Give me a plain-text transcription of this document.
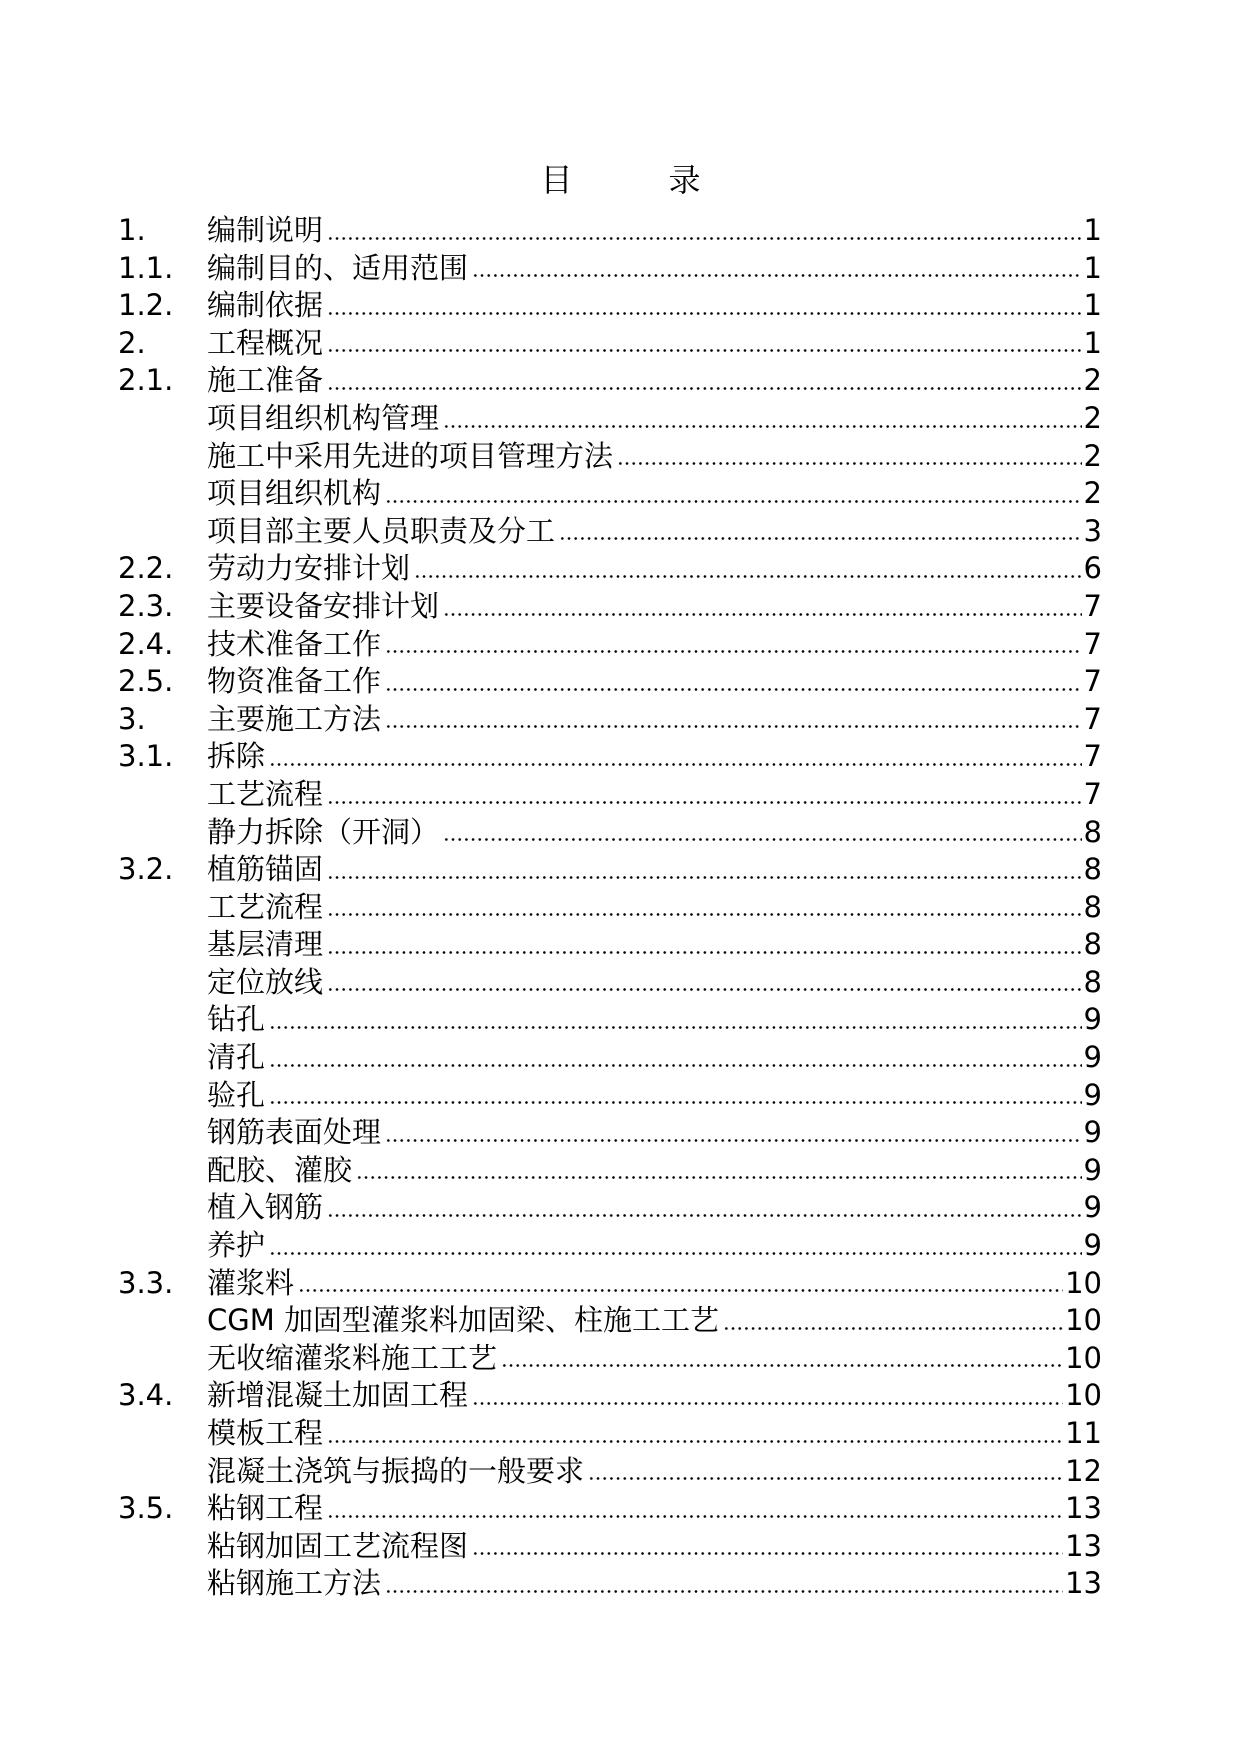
目	录
1.	编制说明	1
1.1.	编制目的、适用范围	1
1.2.	编制依据	1
2.	工程概况	1
2.1.	施工准备	2
项目组织机构管理	2
施工中采用先进的项目管理方法	2
项目组织机构	2
项目部主要人员职责及分工	3
2.2.	劳动力安排计划	6
2.3.	主要设备安排计划	7
2.4.	技术准备工作	7
2.5.	物资准备工作	7
3.	主要施工方法	7
3.1.	拆除	7
工艺流程	7
静力拆除（开洞）	8
3.2.	植筋锚固	8
工艺流程	8
基层清理	8
定位放线	8
钻孔	9
清孔	9
验孔	9
钢筋表面处理	9
配胶、灌胶	9
植入钢筋	9
养护	9
3.3.	灌浆料	10
CGM 加固型灌浆料加固梁、柱施工工艺	10
无收缩灌浆料施工工艺	10
3.4.	新增混凝土加固工程	10
模板工程	11
混凝土浇筑与振捣的一般要求	12
3.5.	粘钢工程	13
粘钢加固工艺流程图	13
粘钢施工方法	13
